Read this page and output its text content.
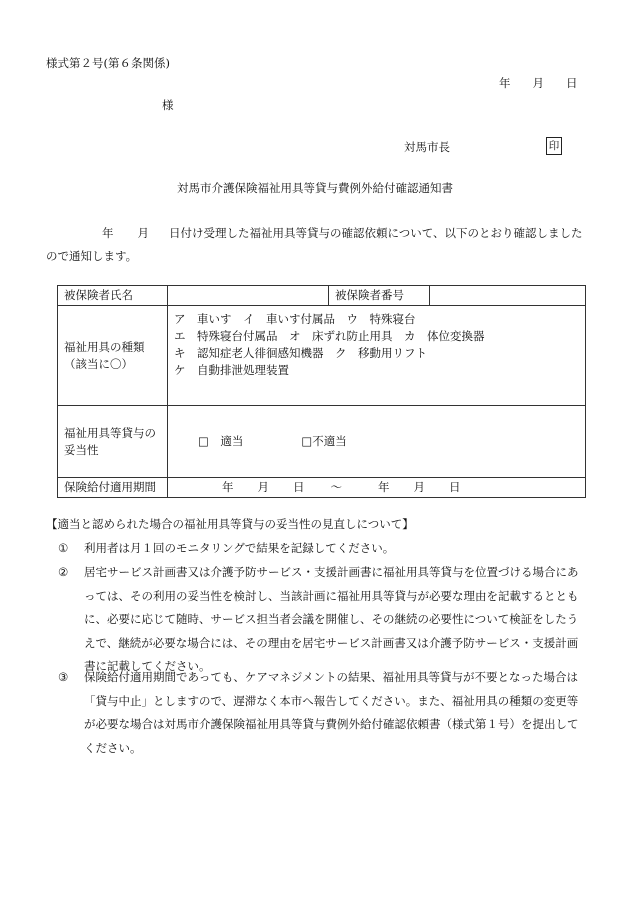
様式第２号(第６条関係)
年 月 日
様
対馬市長	印
対馬市介護保険福祉用具等貸与費例外給付確認通知書
年 月 日付け受理した福祉用具等貸与の確認依頼について、以下のとおり確認しましたので通知します。
被保険者氏名		被保険者番号	

福祉用具の種類
（該当に〇）	ア　車いす　イ　車いす付属品　ウ　特殊寝台
エ　特殊寝台付属品　オ　床ずれ防止用具　カ　体位変換器
キ　認知症老人徘徊感知機器　ク　移動用リフト
ケ　自動排泄処理装置		

福祉用具等貸与の
妥当性	□　適当 □不適当		
保険給付適用期間	年 月 日 ～ 年 月 日		
【適当と認められた場合の福祉用具等貸与の妥当性の見直しについて】
① 利用者は月１回のモニタリングで結果を記録してください。
② 居宅サービス計画書又は介護予防サービス・支援計画書に福祉用具等貸与を位置づける場合にあっては、その利用の妥当性を検討し、当該計画に福祉用具等貸与が必要な理由を記載するとともに、必要に応じて随時、サービス担当者会議を開催し、その継続の必要性について検証をしたうえで、継続が必要な場合には、その理由を居宅サービス計画書又は介護予防サービス・支援計画書に記載してください。
③ 保険給付適用期間であっても、ケアマネジメントの結果、福祉用具等貸与が不要となった場合は「貸与中止」としますので、遅滞なく本市へ報告してください。また、福祉用具の種類の変更等が必要な場合は対馬市介護保険福祉用具等貸与費例外給付確認依頼書（様式第１号）を提出してください。
